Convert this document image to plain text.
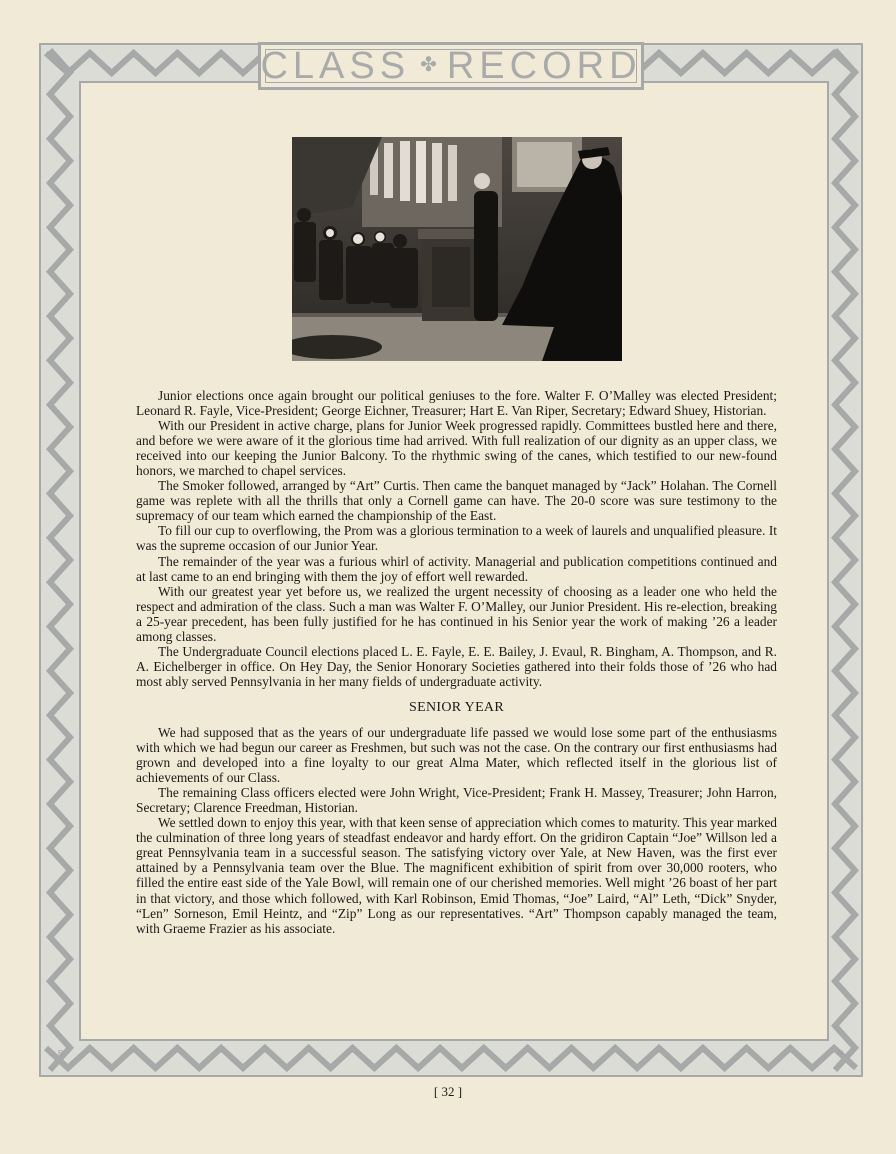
CLASS ✤ RECORD

Junior elections once again brought our political geniuses to the fore. Walter F. O’Malley was elected President; Leonard R. Fayle, Vice-President; George Eichner, Treasurer; Hart E. Van Riper, Secretary; Edward Shuey, Historian.

With our President in active charge, plans for Junior Week progressed rapidly. Committees bustled here and there, and before we were aware of it the glorious time had arrived. With full realization of our dignity as an upper class, we received into our keeping the Junior Balcony. To the rhythmic swing of the canes, which testified to our new-found honors, we marched to chapel services.

The Smoker followed, arranged by “Art” Curtis. Then came the banquet managed by “Jack” Holahan. The Cornell game was replete with all the thrills that only a Cornell game can have. The 20-0 score was sure testimony to the supremacy of our team which earned the championship of the East.

To fill our cup to overflowing, the Prom was a glorious termination to a week of laurels and unqualified pleasure. It was the supreme occasion of our Junior Year.

The remainder of the year was a furious whirl of activity. Managerial and publication competitions continued and at last came to an end bringing with them the joy of effort well rewarded.

With our greatest year yet before us, we realized the urgent necessity of choosing as a leader one who held the respect and admiration of the class. Such a man was Walter F. O’Malley, our Junior President. His re-election, breaking a 25-year precedent, has been fully justified for he has continued in his Senior year the work of making ’26 a leader among classes.

The Undergraduate Council elections placed L. E. Fayle, E. E. Bailey, J. Evaul, R. Bingham, A. Thompson, and R. A. Eichelberger in office. On Hey Day, the Senior Honorary Societies gathered into their folds those of ’26 who had most ably served Pennsylvania in her many fields of undergraduate activity.

SENIOR YEAR

We had supposed that as the years of our undergraduate life passed we would lose some part of the enthusiasms with which we had begun our career as Freshmen, but such was not the case. On the contrary our first enthusiasms had grown and developed into a fine loyalty to our great Alma Mater, which reflected itself in the glorious list of achievements of our Class.

The remaining Class officers elected were John Wright, Vice-President; Frank H. Massey, Treasurer; John Harron, Secretary; Clarence Freedman, Historian.

We settled down to enjoy this year, with that keen sense of appreciation which comes to maturity. This year marked the culmination of three long years of steadfast endeavor and hardy effort. On the gridiron Captain “Joe” Willson led a great Pennsylvania team in a successful season. The satisfying victory over Yale, at New Haven, was the first ever attained by a Pennsylvania team over the Blue. The magnificent exhibition of spirit from over 30,000 rooters, who filled the entire east side of the Yale Bowl, will remain one of our cherished memories. Well might ’26 boast of her part in that victory, and those which followed, with Karl Robinson, Emid Thomas, “Joe” Laird, “Al” Leth, “Dick” Snyder, “Len” Sorneson, Emil Heintz, and “Zip” Long as our representatives. “Art” Thompson capably managed the team, with Graeme Frazier as his associate.

R	N.
[ 32 ]
